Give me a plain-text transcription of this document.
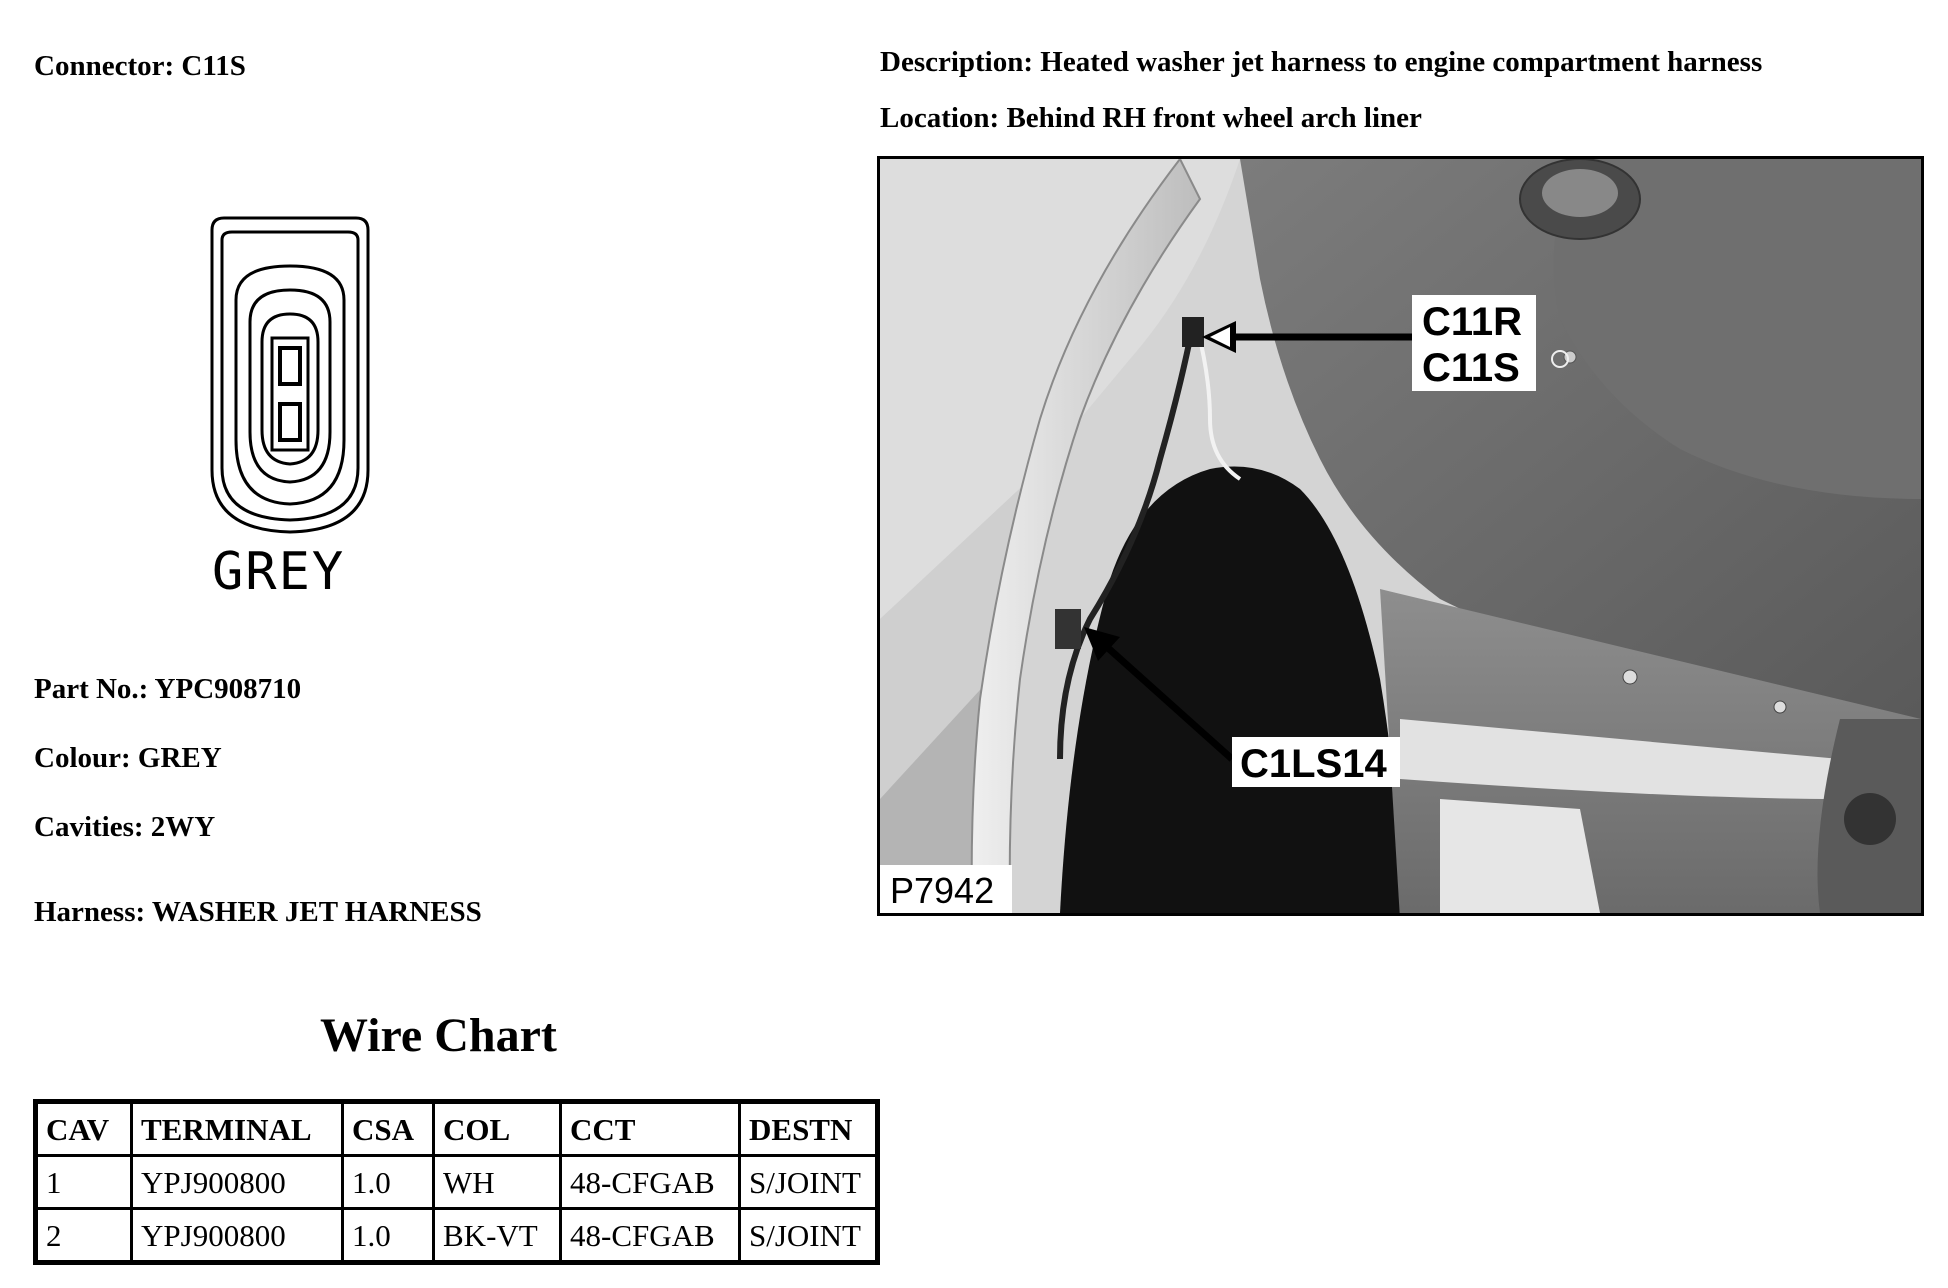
Connector: C11S	Description: Heated washer jet harness to engine compartment harness
Location: Behind RH front wheel arch liner
GREY
Part No.: YPC908710
Colour: GREY
Cavities: 2WY
Harness: WASHER JET HARNESS
C11R
C11S
C1LS14
P7942
Wire Chart
CAV	TERMINAL	CSA	COL	CCT	DESTN
1	YPJ900800	1.0	WH	48-CFGAB	S/JOINT
2	YPJ900800	1.0	BK-VT	48-CFGAB	S/JOINT
